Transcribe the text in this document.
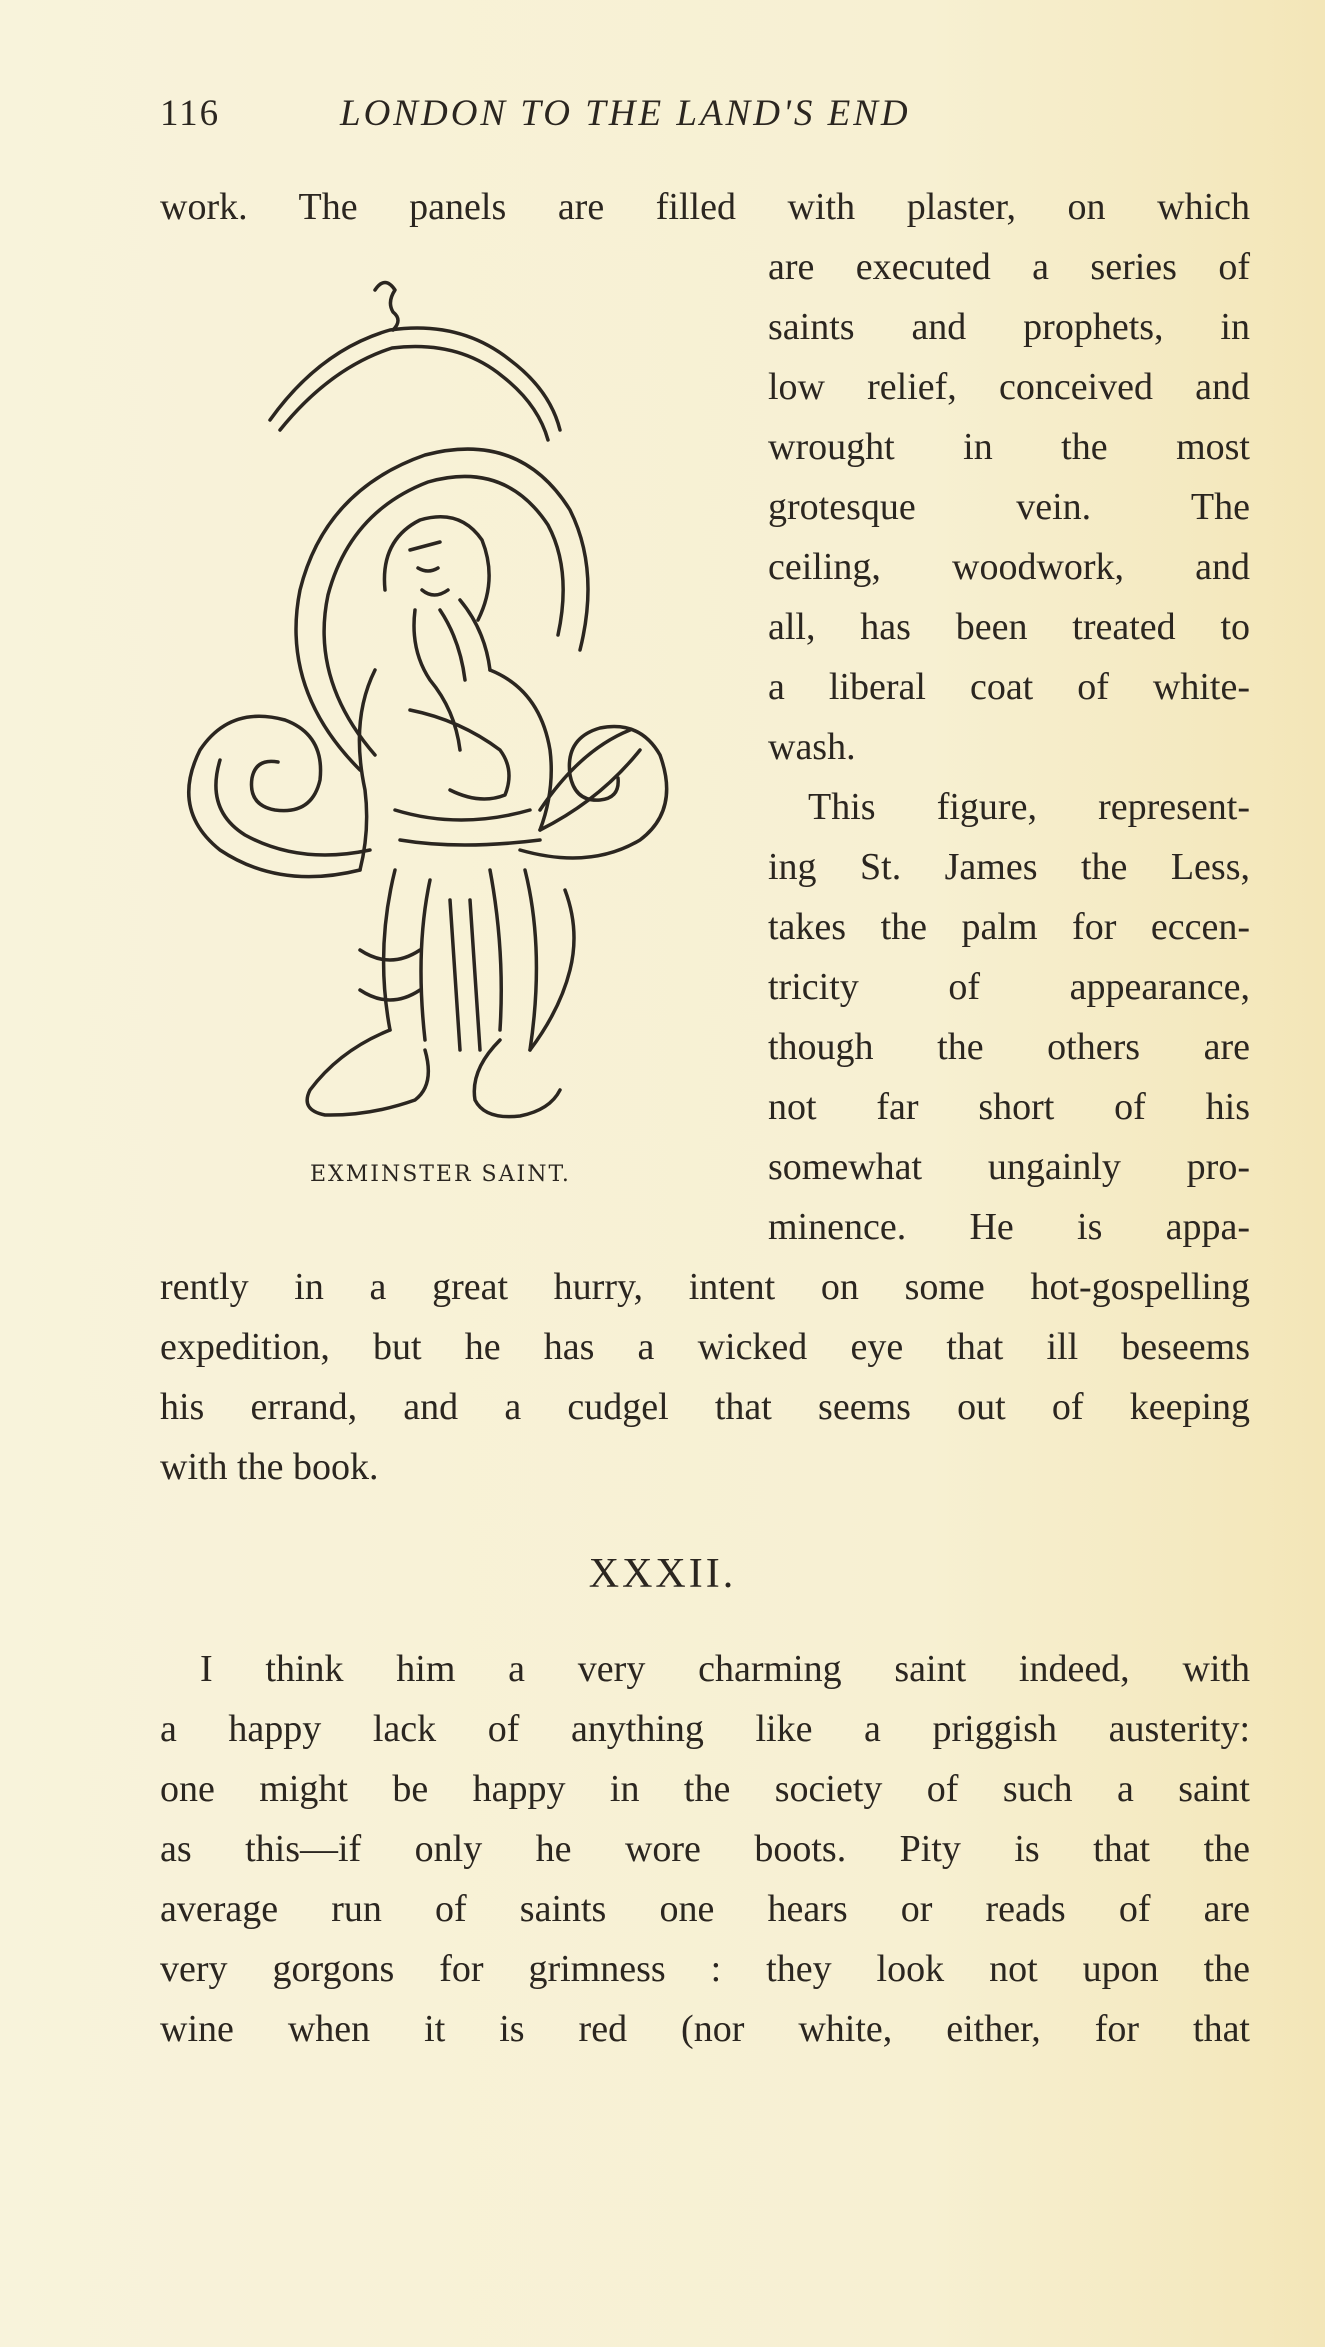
116	LONDON TO THE LAND'S END
work. The panels are filled with plaster, on which
are executed a series of
saints and prophets, in
low relief, conceived and
wrought in the most
grotesque vein. The
ceiling, woodwork, and
all, has been treated to
a liberal coat of white-
wash.
This figure, represent-
ing St. James the Less,
takes the palm for eccen-
tricity of appearance,
though the others are
not far short of his
somewhat ungainly pro-
minence. He is appa-
rently in a great hurry, intent on some hot-gospelling
expedition, but he has a wicked eye that ill beseems
his errand, and a cudgel that seems out of keeping
with the book.
EXMINSTER SAINT.
XXXII.
I think him a very charming saint indeed, with
a happy lack of anything like a priggish austerity:
one might be happy in the society of such a saint
as this—if only he wore boots. Pity is that the
average run of saints one hears or reads of are
very gorgons for grimness : they look not upon the
wine when it is red (nor white, either, for that
